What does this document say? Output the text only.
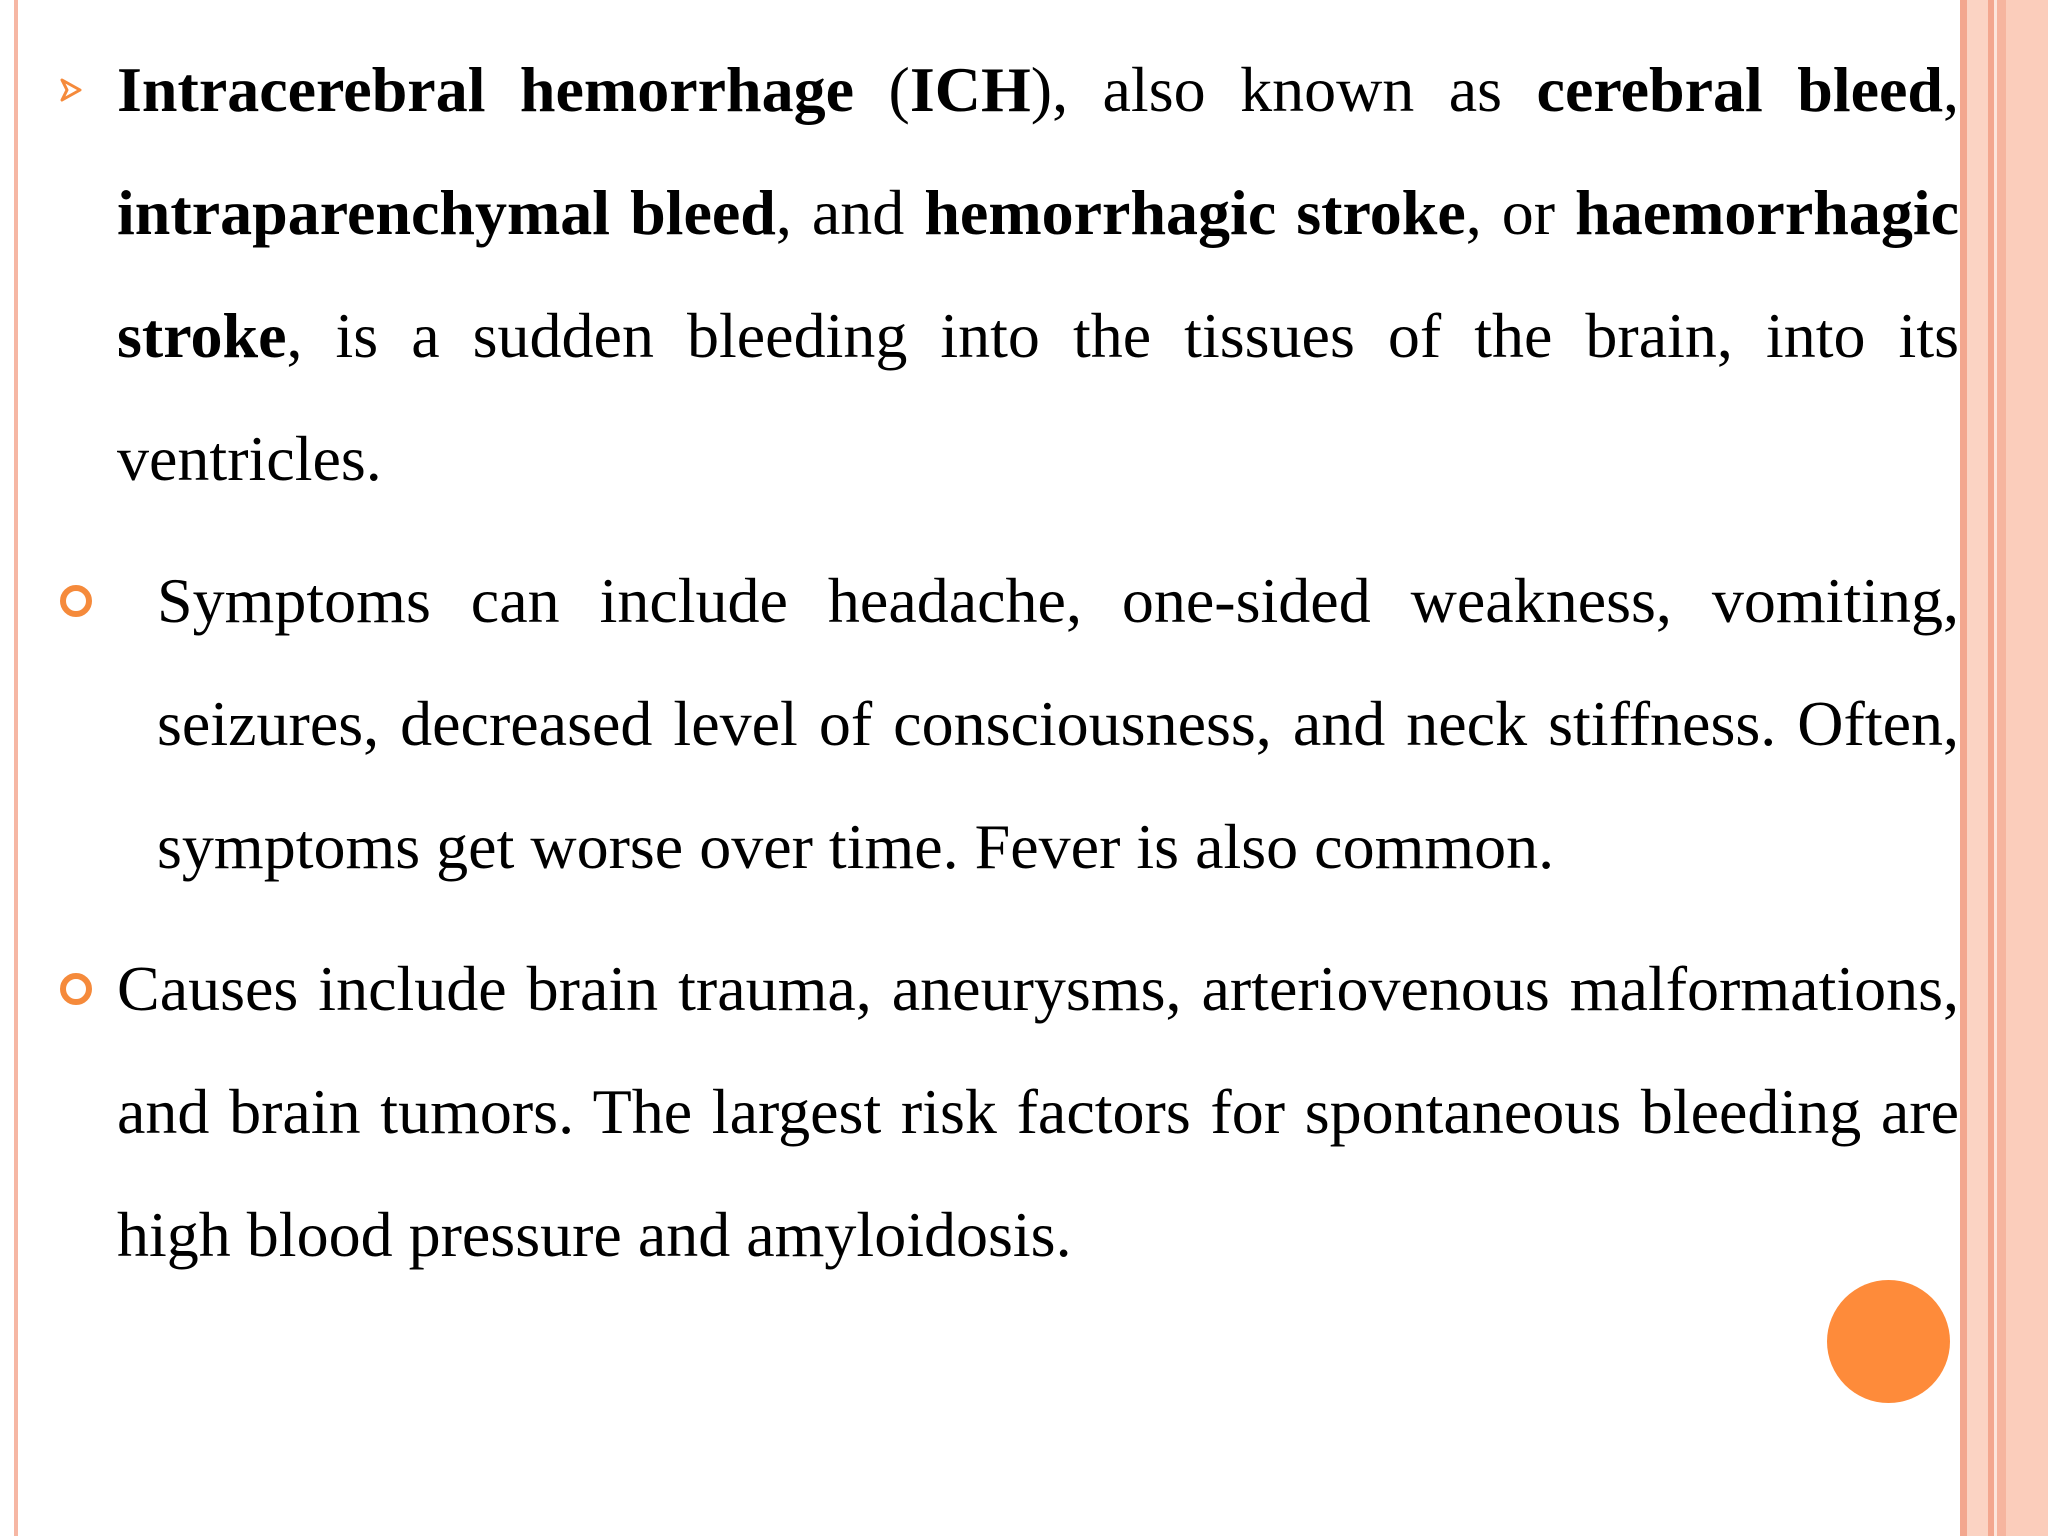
Intracerebral hemorrhage (ICH), also known as cerebral bleed, intraparenchymal bleed, and hemorrhagic stroke, or haemorrhagic stroke, is a sudden bleeding into the tissues of the brain, into its ventricles.
Symptoms can include headache, one-sided weakness, vomiting, seizures, decreased level of consciousness, and neck stiffness. Often, symptoms get worse over time. Fever is also common.
Causes include brain trauma, aneurysms, arteriovenous malformations, and brain tumors. The largest risk factors for spontaneous bleeding are high blood pressure and amyloidosis.
